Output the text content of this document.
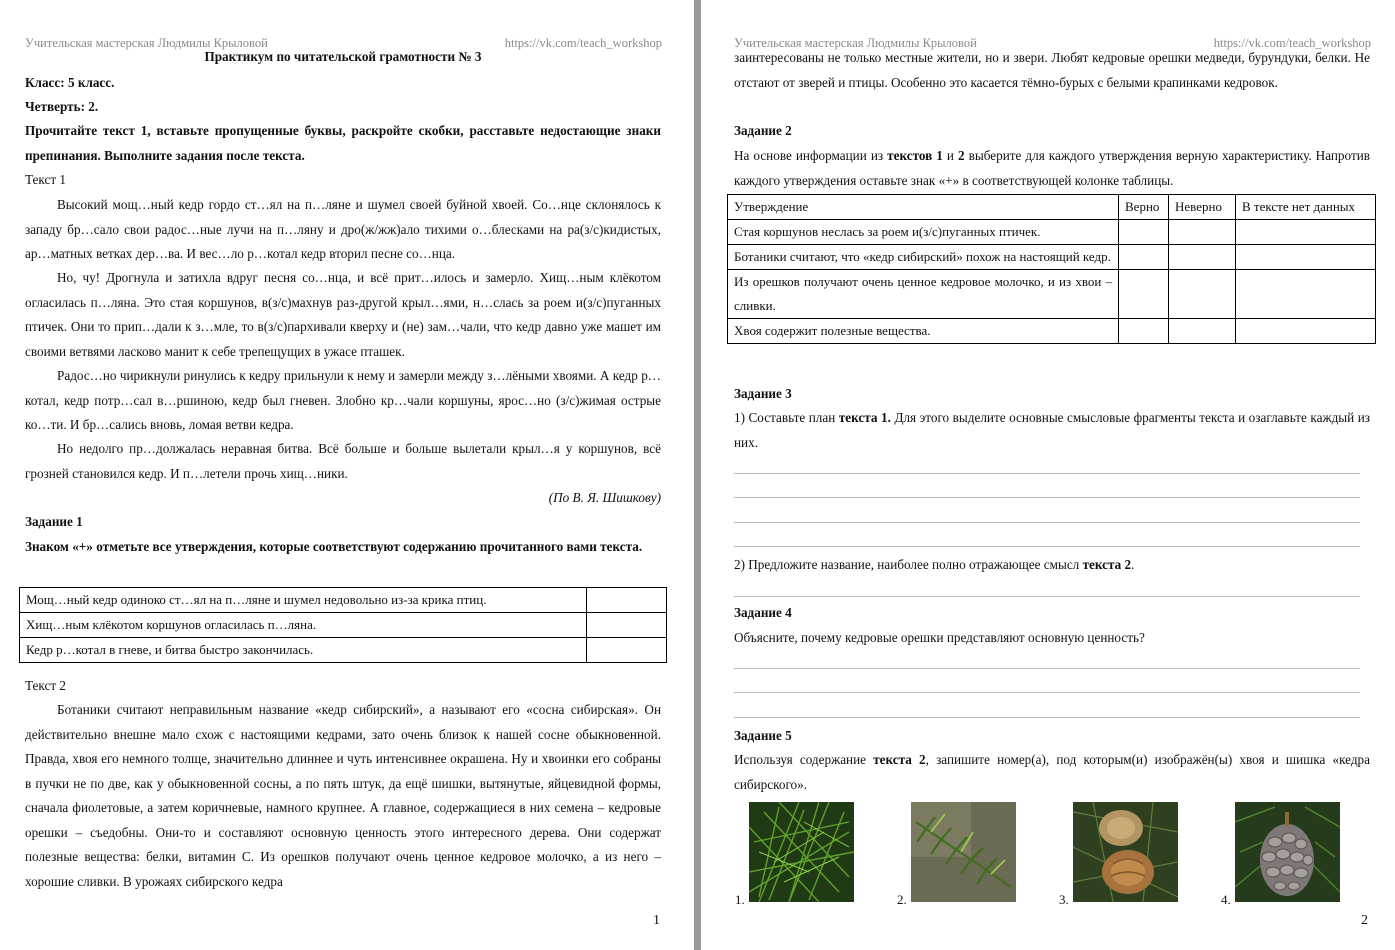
Учительская мастерская Людмилы Крыловой	https://vk.com/teach_workshop
Практикум по читательской грамотности № 3
Класс: 5 класс.
Четверть: 2.
Прочитайте текст 1, вставьте пропущенные буквы, раскройте скобки, расставьте недостающие знаки препинания. Выполните задания после текста.
Текст 1
Высокий мощ…ный кедр гордо ст…ял на п…ляне и шумел своей буйной хвоей. Со…нце склонялось к западу бр…сало свои радос…ные лучи на п…ляну и дро(ж/жж)ало тихими о…блесками на ра(з/с)кидистых, ар…матных ветках дер…ва. И вес…ло р…котал кедр вторил песне со…нца.
Но, чу! Дрогнула и затихла вдруг песня со…нца, и всё прит…илось и замерло. Хищ…ным клёкотом огласилась п…ляна. Это стая коршунов, в(з/с)махнув раз-другой крыл…ями, н…слась за роем и(з/с)пуганных птичек. Они то прип…дали к з…мле, то в(з/с)пархивали кверху и (не) зам…чали, что кедр давно уже машет им своими ветвями ласково манит к себе трепещущих в ужасе пташек.
Радос…но чирикнули ринулись к кедру прильнули к нему и замерли между з…лёными хвоями. А кедр р…котал, кедр потр…сал в…ршиною, кедр был гневен. Злобно кр…чали коршуны, ярос…но (з/с)жимая острые ко…ти. И бр…сались вновь, ломая ветви кедра.
Но недолго пр…должалась неравная битва. Всё больше и больше вылетали крыл…я у коршунов, всё грозней становился кедр. И п…летели прочь хищ…ники.
(По В. Я. Шишкову)
Задание 1
Знаком «+» отметьте все утверждения, которые соответствуют содержанию прочитанного вами текста.
Мощ…ный кедр одиноко ст…ял на п…ляне и шумел недовольно из-за крика птиц.	
Хищ…ным клёкотом коршунов огласилась п…ляна.	
Кедр р…котал в гневе, и битва быстро закончилась.	
Текст 2
Ботаники считают неправильным название «кедр сибирский», а называют его «сосна сибирская». Он действительно внешне мало схож с настоящими кедрами, зато очень близок к нашей сосне обыкновенной. Правда, хвоя его немного толще, значительно длиннее и чуть интенсивнее окрашена. Ну и хвоинки его собраны в пучки не по две, как у обыкновенной сосны, а по пять штук, да ещё шишки, вытянутые, яйцевидной формы, сначала фиолетовые, а затем коричневые, намного крупнее. А главное, содержащиеся в них семена – кедровые орешки – съедобны. Они-то и составляют основную ценность этого интересного дерева. Они содержат полезные вещества: белки, витамин С. Из орешков получают очень ценное кедровое молочко, а из него – хорошие сливки. В урожаях сибирского кедра
1
Учительская мастерская Людмилы Крыловой	https://vk.com/teach_workshop
заинтересованы не только местные жители, но и звери. Любят кедровые орешки медведи, бурундуки, белки. Не отстают от зверей и птицы. Особенно это касается тёмно-бурых с белыми крапинками кедровок.
Задание 2
На основе информации из текстов 1 и 2 выберите для каждого утверждения верную характеристику. Напротив каждого утверждения оставьте знак «+» в соответствующей колонке таблицы.
Утверждение	Верно	Неверно	В тексте нет данных
Стая коршунов неслась за роем и(з/с)пуганных птичек.			
Ботаники считают, что «кедр сибирский» похож на настоящий кедр.			
Из орешков получают очень ценное кедровое молочко, и из хвои – сливки.			
Хвоя содержит полезные вещества.			
Задание 3
1) Составьте план текста 1. Для этого выделите основные смысловые фрагменты текста и озаглавьте каждый из них.
2) Предложите название, наиболее полно отражающее смысл текста 2.
Задание 4
Объясните, почему кедровые орешки представляют основную ценность?
Задание 5
Используя содержание текста 2, запишите номер(а), под которым(и) изображён(ы) хвоя и шишка «кедра сибирского».
1.	2.	3.	4.
2
